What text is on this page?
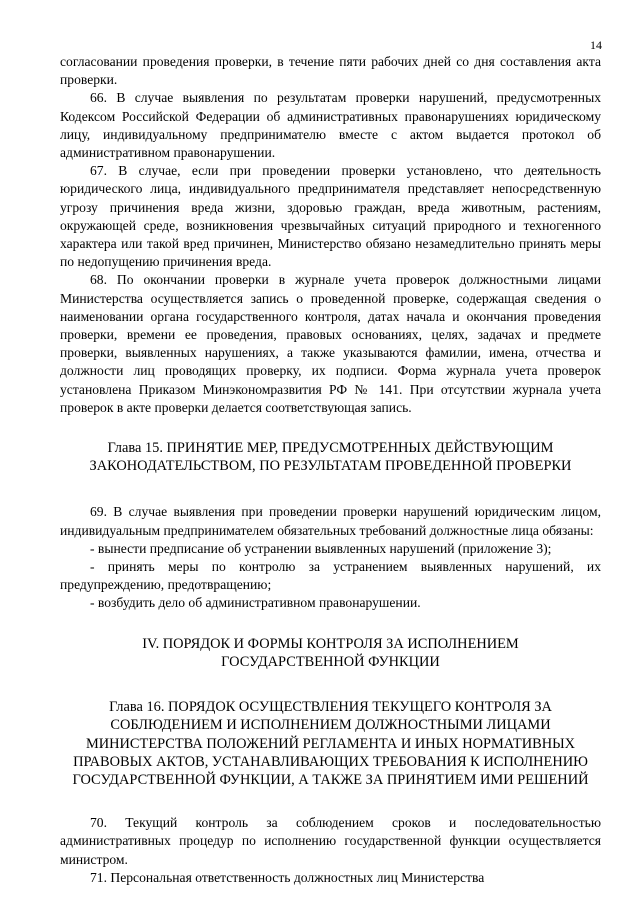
14

согласовании проведения проверки, в течение пяти рабочих дней со дня составления акта проверки.

66. В случае выявления по результатам проверки нарушений, предусмотренных Кодексом Российской Федерации об административных правонарушениях юридическому лицу, индивидуальному предпринимателю вместе с актом выдается протокол об административном правонарушении.

67. В случае, если при проведении проверки установлено, что деятельность юридического лица, индивидуального предпринимателя представляет непосредственную угрозу причинения вреда жизни, здоровью граждан, вреда животным, растениям, окружающей среде, возникновения чрезвычайных ситуаций природного и техногенного характера или такой вред причинен, Министерство обязано незамедлительно принять меры по недопущению причинения вреда.

68. По окончании проверки в журнале учета проверок должностными лицами Министерства осуществляется запись о проведенной проверке, содержащая сведения о наименовании органа государственного контроля, датах начала и окончания проведения проверки, времени ее проведения, правовых основаниях, целях, задачах и предмете проверки, выявленных нарушениях, а также указываются фамилии, имена, отчества и должности лиц проводящих проверку, их подписи. Форма журнала учета проверок установлена Приказом Минэкономразвития РФ № 141. При отсутствии журнала учета проверок в акте проверки делается соответствующая запись.

Глава 15. ПРИНЯТИЕ МЕР, ПРЕДУСМОТРЕННЫХ ДЕЙСТВУЮЩИМ ЗАКОНОДАТЕЛЬСТВОМ, ПО РЕЗУЛЬТАТАМ ПРОВЕДЕННОЙ ПРОВЕРКИ

69. В случае выявления при проведении проверки нарушений юридическим лицом, индивидуальным предпринимателем обязательных требований должностные лица обязаны:

- вынести предписание об устранении выявленных нарушений (приложение 3);

- принять меры по контролю за устранением выявленных нарушений, их предупреждению, предотвращению;

- возбудить дело об административном правонарушении.

IV. ПОРЯДОК И ФОРМЫ КОНТРОЛЯ ЗА ИСПОЛНЕНИЕМ ГОСУДАРСТВЕННОЙ ФУНКЦИИ
Глава 16. ПОРЯДОК ОСУЩЕСТВЛЕНИЯ ТЕКУЩЕГО КОНТРОЛЯ ЗА СОБЛЮДЕНИЕМ И ИСПОЛНЕНИЕМ ДОЛЖНОСТНЫМИ ЛИЦАМИ МИНИСТЕРСТВА ПОЛОЖЕНИЙ РЕГЛАМЕНТА И ИНЫХ НОРМАТИВНЫХ ПРАВОВЫХ АКТОВ, УСТАНАВЛИВАЮЩИХ ТРЕБОВАНИЯ К ИСПОЛНЕНИЮ ГОСУДАРСТВЕННОЙ ФУНКЦИИ, А ТАКЖЕ ЗА ПРИНЯТИЕМ ИМИ РЕШЕНИЙ

70. Текущий контроль за соблюдением сроков и последовательностью административных процедур по исполнению государственной функции осуществляется министром.

71. Персональная ответственность должностных лиц Министерства
